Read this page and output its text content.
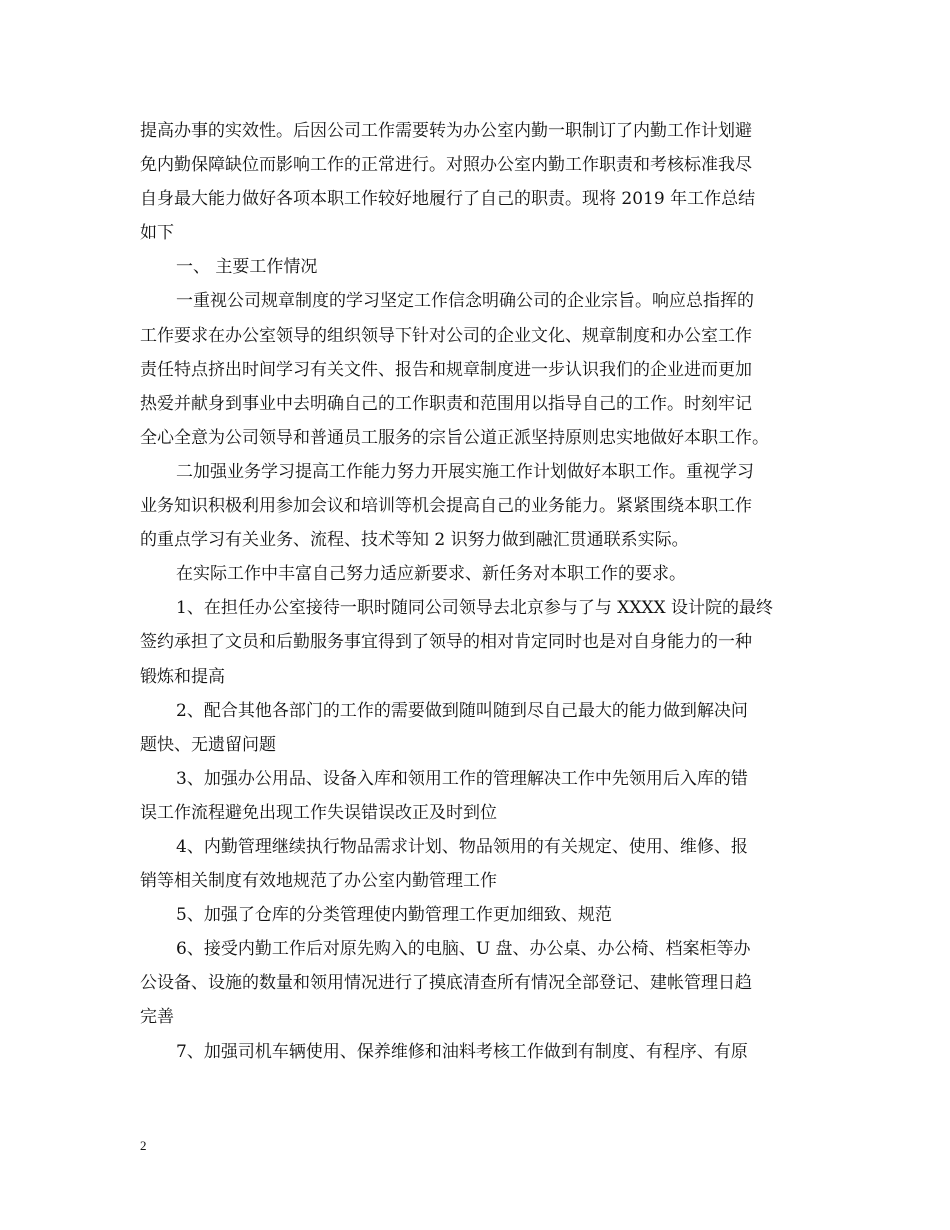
提高办事的实效性。后因公司工作需要转为办公室内勤一职制订了内勤工作计划避
免内勤保障缺位而影响工作的正常进行。对照办公室内勤工作职责和考核标准我尽
自身最大能力做好各项本职工作较好地履行了自己的职责。现将 2019 年工作总结
如下
一、 主要工作情况
一重视公司规章制度的学习坚定工作信念明确公司的企业宗旨。响应总指挥的
工作要求在办公室领导的组织领导下针对公司的企业文化、规章制度和办公室工作
责任特点挤出时间学习有关文件、报告和规章制度进一步认识我们的企业进而更加
热爱并献身到事业中去明确自己的工作职责和范围用以指导自己的工作。时刻牢记
全心全意为公司领导和普通员工服务的宗旨公道正派坚持原则忠实地做好本职工作。
二加强业务学习提高工作能力努力开展实施工作计划做好本职工作。重视学习
业务知识积极利用参加会议和培训等机会提高自己的业务能力。紧紧围绕本职工作
的重点学习有关业务、流程、技术等知 2 识努力做到融汇贯通联系实际。
在实际工作中丰富自己努力适应新要求、新任务对本职工作的要求。
1、在担任办公室接待一职时随同公司领导去北京参与了与 XXXX 设计院的最终
签约承担了文员和后勤服务事宜得到了领导的相对肯定同时也是对自身能力的一种
锻炼和提高
2、配合其他各部门的工作的需要做到随叫随到尽自己最大的能力做到解决问
题快、无遗留问题
3、加强办公用品、设备入库和领用工作的管理解决工作中先领用后入库的错
误工作流程避免出现工作失误错误改正及时到位
4、内勤管理继续执行物品需求计划、物品领用的有关规定、使用、维修、报
销等相关制度有效地规范了办公室内勤管理工作
5、加强了仓库的分类管理使内勤管理工作更加细致、规范
6、接受内勤工作后对原先购入的电脑、U 盘、办公桌、办公椅、档案柜等办
公设备、设施的数量和领用情况进行了摸底清查所有情况全部登记、建帐管理日趋
完善
7、加强司机车辆使用、保养维修和油料考核工作做到有制度、有程序、有原
2
